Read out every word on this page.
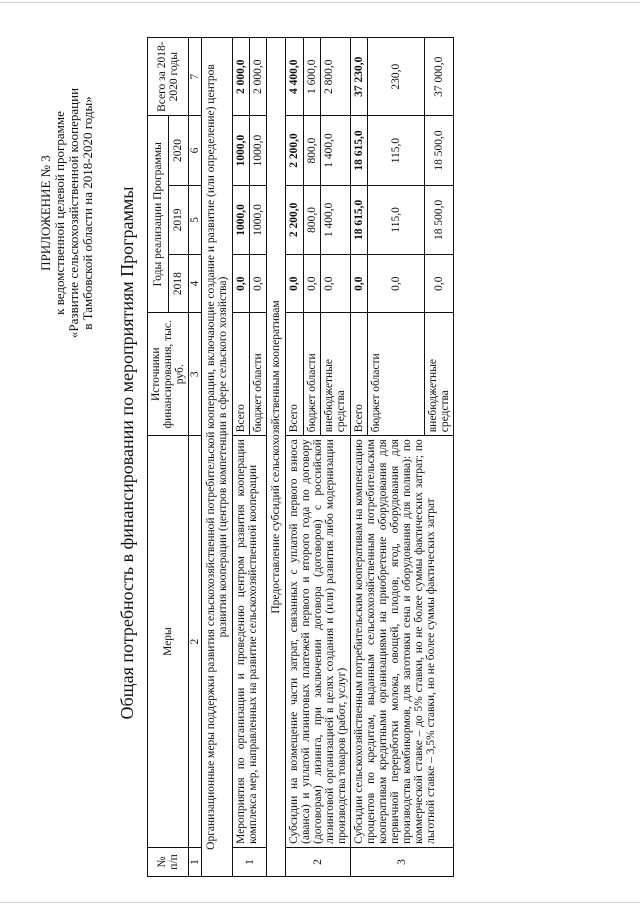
ПРИЛОЖЕНИЕ № 3 к ведомственной целевой программе «Развитие сельскохозяйственной кооперации в Тамбовской области на 2018-2020 годы» Общая потребность в финансировании по мероприятиям Программы
№ п/п	Меры	Источники финансирования, тыс. руб.	Годы реализации Программы			Всего за 2018-2020 годы
			2018	2019	2020	
1	2	3	4	5	6	7
Организационные меры поддержки развития сельскохозяйственной потребительской кооперации, включающие создание и развитие (или определение) центров развития кооперации (центров компетенции в сфере сельского хозяйства)						
1	Мероприятия по организации и проведению центром развития кооперации комплекса мер, направленных на развитие сельскохозяйственной кооперации	Всего	0,0	1000,0	1000,0	2 000,0
		бюджет области	0,0	1000,0	1000,0	2 000,0
Предоставление субсидий сельскохозяйственным кооперативам						
2	Субсидии на возмещение части затрат, связанных с уплатой первого взноса (аванса) и уплатой лизинговых платежей первого и второго года по договору (договорам) лизинга, при заключении договора (договоров) с российской лизинговой организацией в целях создания и (или) развития либо модернизации производства товаров (работ, услуг)	Всего	0,0	2 200,0	2 200,0	4 400,0
		бюджет области	0,0	800,0	800,0	1 600,0
		внебюджетные средства	0,0	1 400,0	1 400,0	2 800,0
3	Субсидии сельскохозяйственным потребительским кооперативам на компенсацию процентов по кредитам, выданным сельскохозяйственным потребительским кооперативам кредитными организациями на приобретение оборудования для первичной переработки молока, овощей, плодов, ягод, оборудования для производства комбикормов, для заготовки сена и оборудования для полива): по коммерческой ставке – до 5% ставки, но не более суммы фактических затрат; по льготной ставке – 3,5% ставки, но не более суммы фактических затрат	Всего	0,0	18 615,0	18 615,0	37 230,0
		бюджет области	0,0	115,0	115,0	230,0
		внебюджетные средства	0,0	18 500,0	18 500,0	37 000,0
